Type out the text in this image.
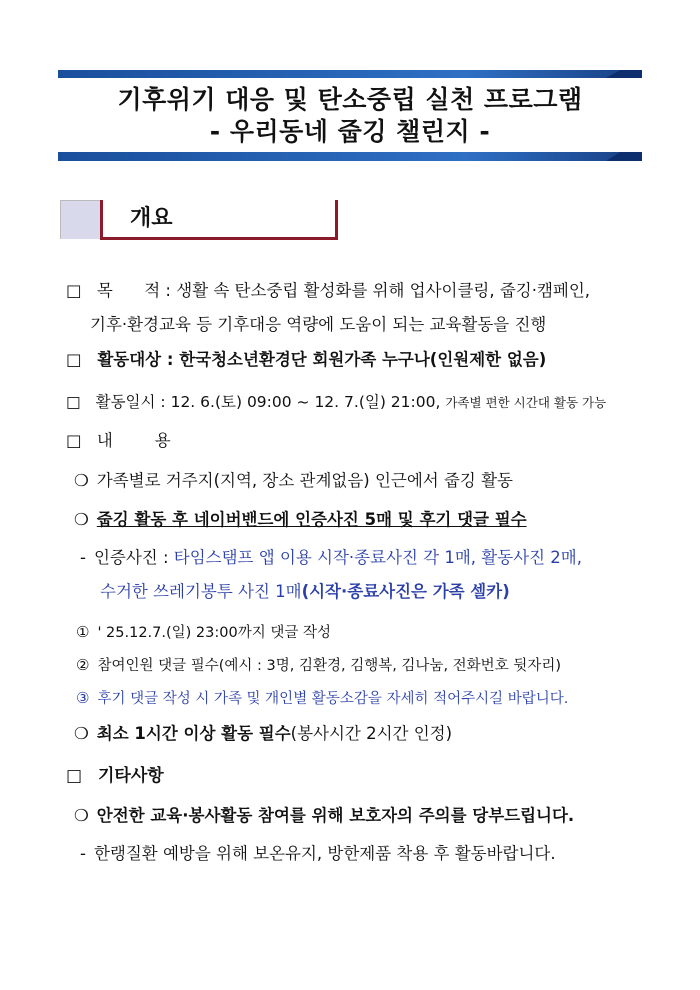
기후위기 대응 및 탄소중립 실천 프로그램
- 우리동네 줍깅 챌린지 -
개요
□ 목      적 : 생활 속 탄소중립 활성화를 위해 업사이클링, 줍깅·캠페인,
기후·환경교육 등 기후대응 역량에 도움이 되는 교육활동을 진행
□ 활동대상 : 한국청소년환경단 회원가족 누구나(인원제한 없음)
□ 활동일시 : 12. 6.(토) 09:00 ~ 12. 7.(일) 21:00, 가족별 편한 시간대 활동 가능
□ 내        용
❍ 가족별로 거주지(지역, 장소 관계없음) 인근에서 줍깅 활동
❍ 줍깅 활동 후 네이버밴드에 인증사진 5매 및 후기 댓글 필수
- 인증사진 : 타임스탬프 앱 이용 시작·종료사진 각 1매, 활동사진 2매,
수거한 쓰레기봉투 사진 1매(시작·종료사진은 가족 셀카)
① ' 25.12.7.(일) 23:00까지 댓글 작성
② 참여인원 댓글 필수(예시 : 3명, 김환경, 김행복, 김나눔, 전화번호 뒷자리)
③ 후기 댓글 작성 시 가족 및 개인별 활동소감을 자세히 적어주시길 바랍니다.
❍ 최소 1시간 이상 활동 필수(봉사시간 2시간 인정)
□ 기타사항
❍ 안전한 교육·봉사활동 참여를 위해 보호자의 주의를 당부드립니다.
- 한랭질환 예방을 위해 보온유지, 방한제품 착용 후 활동바랍니다.
